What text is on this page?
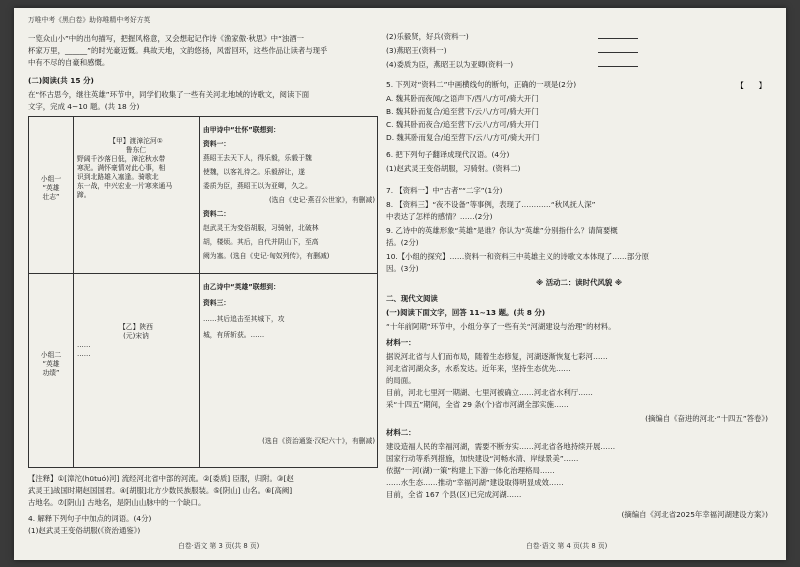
万唯中考《黑白卷》助你唯精中考好方英
一览众山小”中的出句描写，把握风格意，又会想起记作诗《渔家傲·秋思》中“浊酒一
杯家万里，______”的时光豪迈慨。典故天地，文韵悠扬，风雷回环，这些作品让读者与现乎
中有不尽的自豪和感慨。
(二)阅读(共 15 分)
在“怀古思今，继往英雄”环节中，同学们收集了一些有关河北地域的诗歌文，阅读下面
文字，完成 4~10 题。(共 18 分)
小组一
“英雄
壮志”
小组二
“英雄
功绩”
【甲】渡漳沱河①
鲁东仁
野阔千沙落日低，漳沱秋水带
寒泥。满怀豪情对此心事，相
识到北路雄入塞逢。骑歌北
东一战，中兴宏业一片寒来通马
蹄。
由甲诗中“壮怀”联想到：
资料一：
燕昭王去天下人，得乐毅，乐毅于魏
使魏，以客礼待之。乐毅辞让，遂
委质为臣，燕昭王以为亚卿，久之。
(选自《史记·燕召公世家》，有删减)
资料二：
赵武灵王为变俗胡服，习骑射，北破林
胡，楼烦。其后，自代并阴山下，至高
阙为塞。(选自《史记·匈奴列传》，有删减)
【乙】陕西
(元)宋讷
……
……
由乙诗中“英雄”联想到：
资料三：
……其后追击至其城下，攻
城，有所斩获。……
(选自《资治通鉴·汉纪六十》，有删减)
【注释】①[漳沱(hūtuó)河] 流经河北省中部的河流。②[委质] 臣服，归附。③[赵
武灵王]战国时期赵国国君。④[胡服]北方少数民族服装。⑤[阴山] 山名。⑥[高阙]
古地名。⑦[阴山] 古地名，是阴山山脉中的一个缺口。
4. 解释下列句子中加点的词语。(4分)
(1)赵武灵王变俗胡服(《资治通鉴》)
白卷·语文 第 3 页(共 8 页)
(2)乐毅贤，好兵(资料一)
(3)燕昭王(资料一)
(4)委质为臣，燕昭王以为亚卿(资料一)
5. 下列对“资料二”中画横线句的断句，正确的一项是(2分)	【　　】
A. 魏其卧而夜闻/之语声下/西八/方可/骑大开门
B. 魏其卧而复合/追至营下/云八/方可/骑大开门
C. 魏其卧而夜合/追至营下/云八/方可/骑大开门
D. 魏其卧而复合/追至营下/云八/方可/骑大开门
6. 把下列句子翻译成现代汉语。(4分)
(1)赵武灵王变俗胡服，习骑射。(资料二)
7. 【资料一】中“古者”“二字”(1分)
8. 【资料三】“夜不设备”等事例，表现了…………“秋风抚人深”
中表达了怎样的感情？……(2分)
9. 乙诗中的英雄形象“英雄”是谁？你认为“英雄”分别指什么？请简要概
括。(2分)
10.【小组的探究】……资料一和资料三中英雄主义的诗歌文本体现了……部分原
因。(3分)
※ 活动二：读时代风貌 ※
二、现代文阅读
(一)阅读下面文字，回答 11~13 题。(共 8 分)
“十年前阿期”环节中，小组分享了一些有关“河湖建设与治理”的材料。
材料一：
据说河北省与人们而布局，随着生态修复，河湖逐渐恢复七彩河……
河北省河湖众多，水系发达。近年来，坚持生态优先……
的局面。
目前，河北七里河一期湖、七里河被确立……河北省水利厅……
采“十四五”期间，全省 29 条(个)省市河湖全部实施……
(摘编自《奋进的河北·“十四五”答卷》)
材料二：
建设造福人民的幸福河湖，需要不断夯实……河北省各地持续开展……
国家行动等系列措施，加快建设“河畅水清、岸绿景美”……
依据“一河(湖)一策”构建上下游一体化治理格局……
……水生态……推动“幸福河湖”建设取得明显成效……
目前，全省 167 个县(区)已完成河湖……
(摘编自《河北省2025年幸福河湖建设方案》)
白卷·语文 第 4 页(共 8 页)
